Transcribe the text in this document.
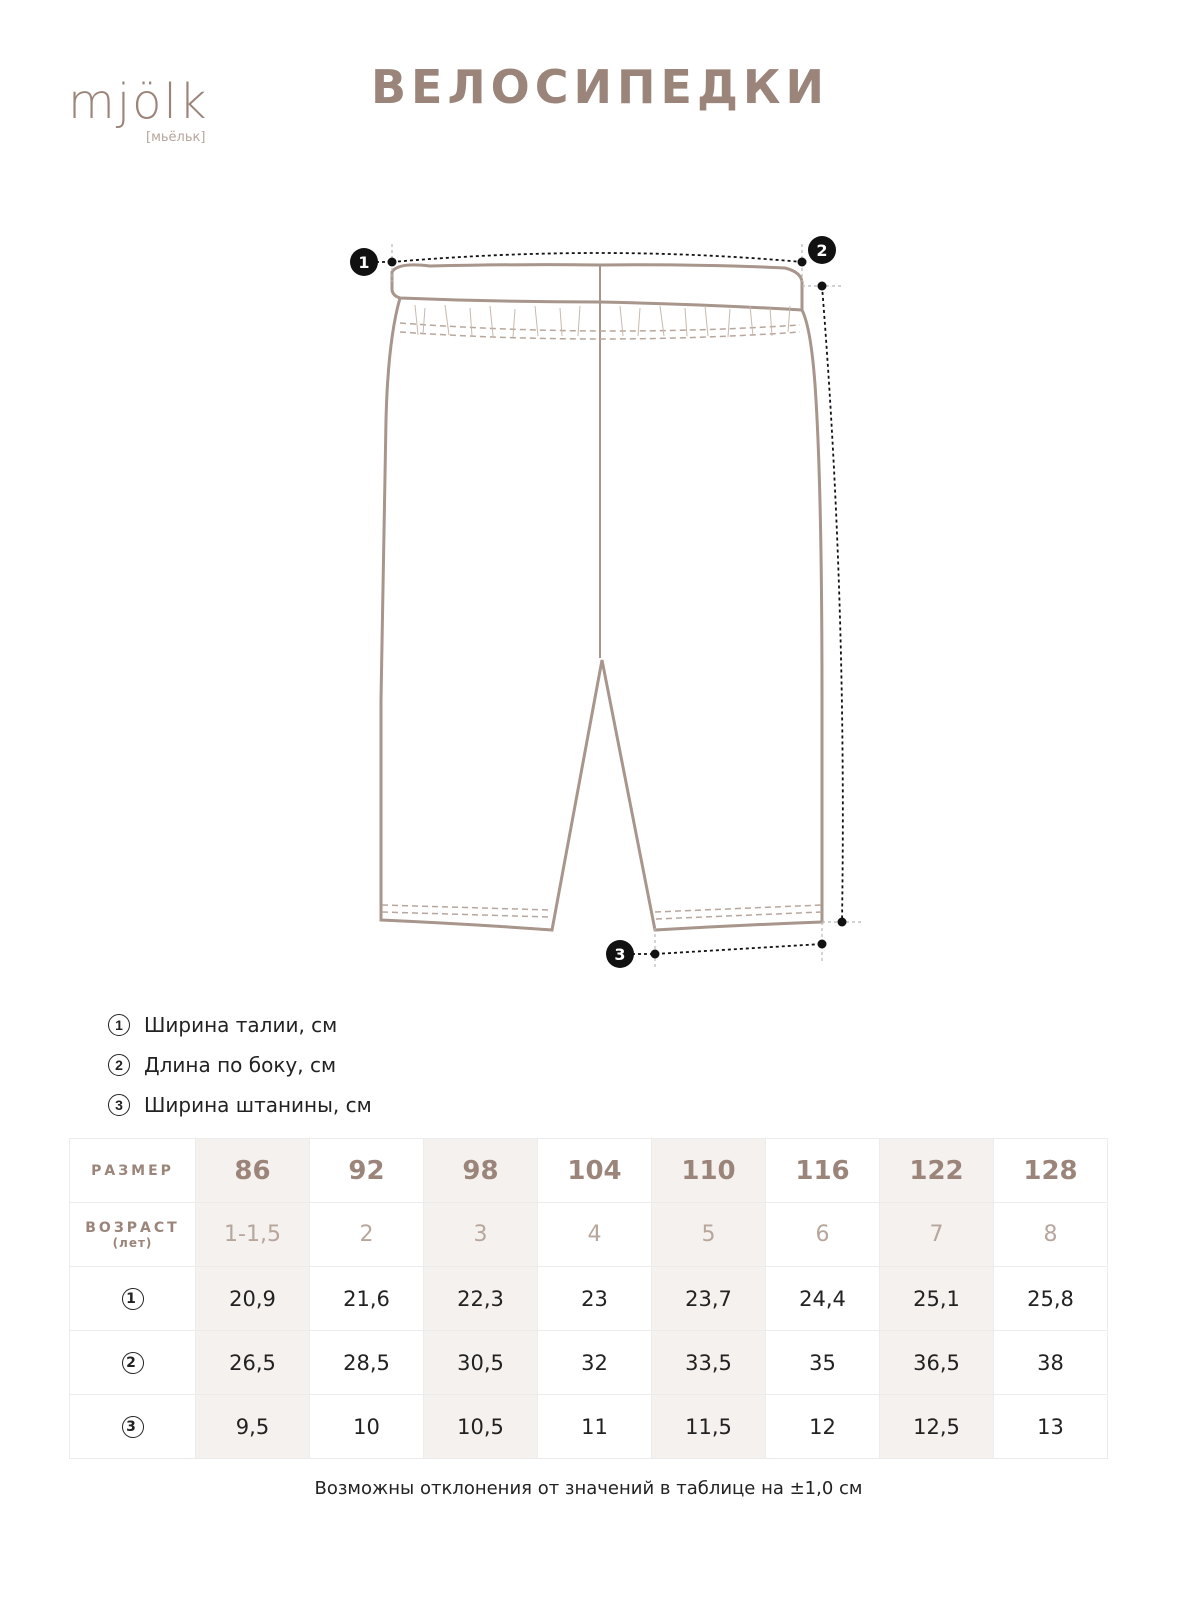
mjölk
[мьёльк]
ВЕЛОСИПЕДКИ
1
2
3
1	Ширина талии, см
2	Длина по боку, см
3	Ширина штанины, см
РАЗМЕР	86	92	98	104	110	116	122	128
ВОЗРАСТ
(лет)	1-1,5	2	3	4	5	6	7	8
1	20,9	21,6	22,3	23	23,7	24,4	25,1	25,8
2	26,5	28,5	30,5	32	33,5	35	36,5	38
3	9,5	10	10,5	11	11,5	12	12,5	13
Возможны отклонения от значений в таблице на ±1,0 см
